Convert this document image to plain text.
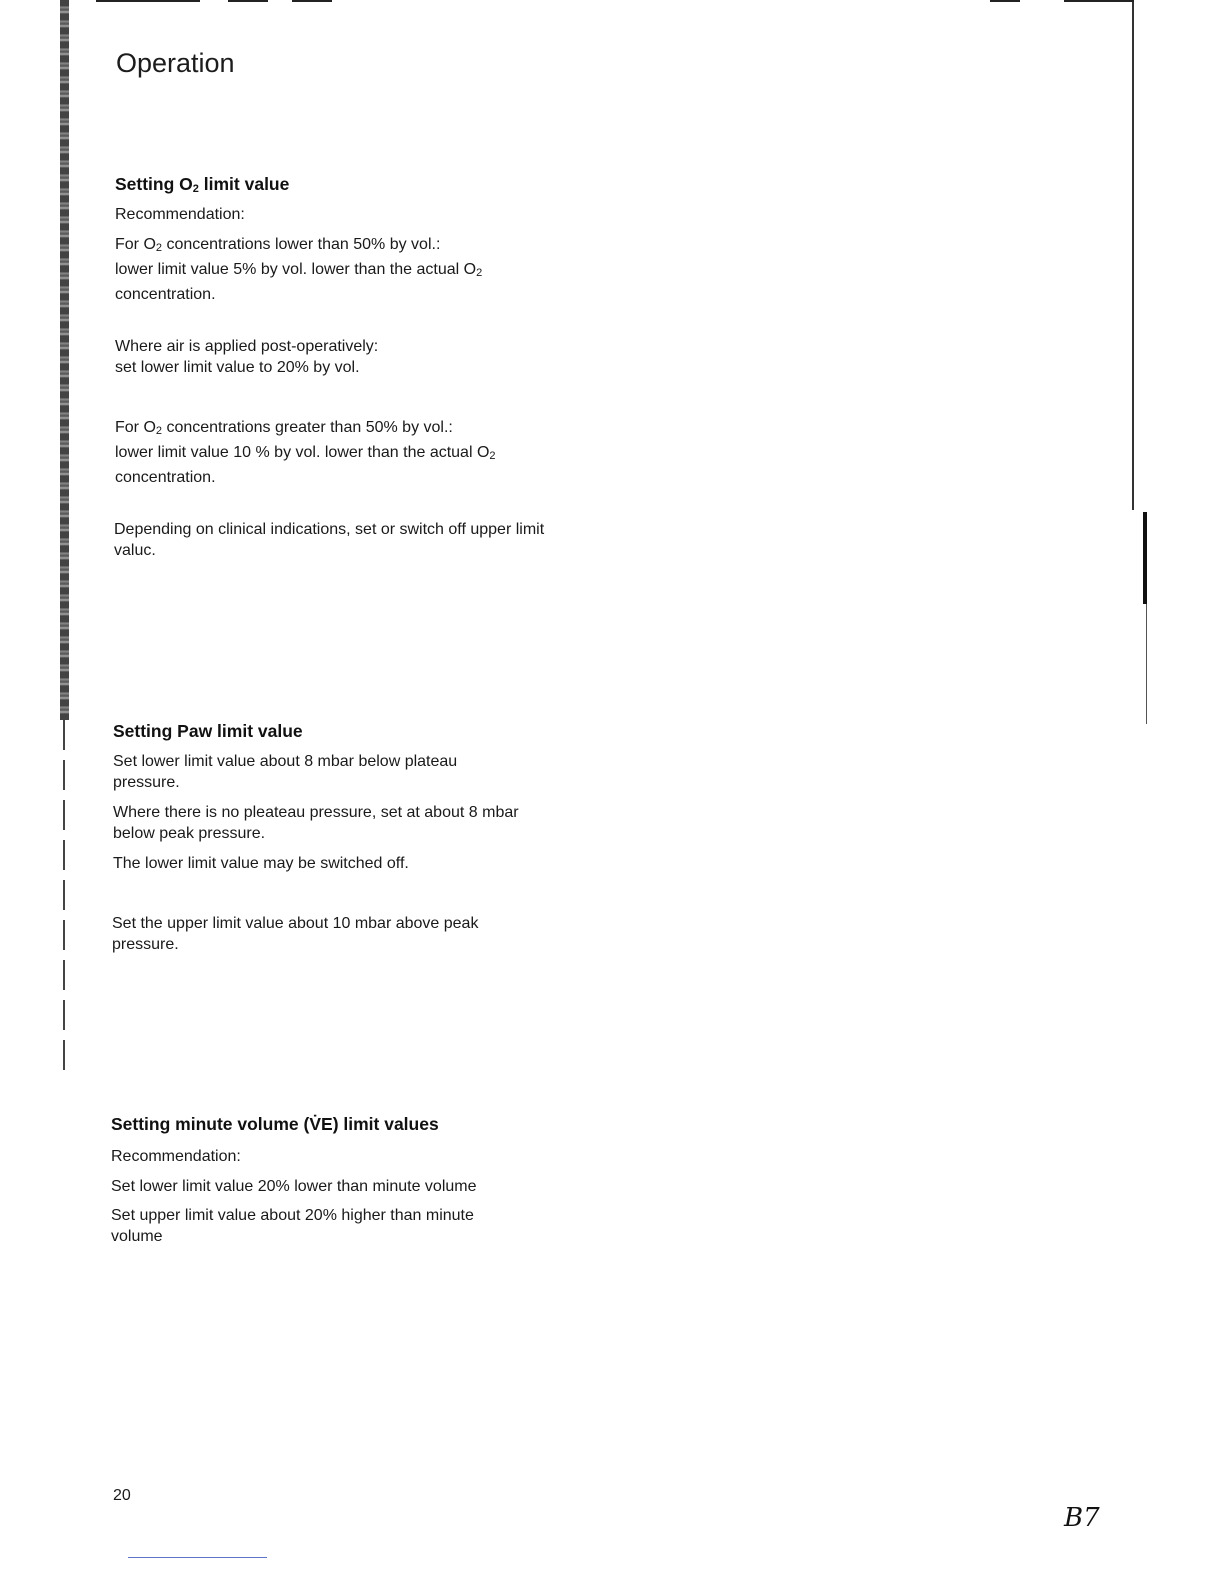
Operation
Setting O2 limit value

Recommendation:

For O2 concentrations lower than 50% by vol.:
lower limit value 5% by vol. lower than the actual O2
concentration.

Where air is applied post-operatively:
set lower limit value to 20% by vol.

For O2 concentrations greater than 50% by vol.:
lower limit value 10 % by vol. lower than the actual O2
concentration.

Depending on clinical indications, set or switch off upper limit valuc.

Setting Paw limit value

Set lower limit value about 8 mbar below plateau pressure.

Where there is no pleateau pressure, set at about 8 mbar below peak pressure.

The lower limit value may be switched off.

Set the upper limit value about 10 mbar above peak pressure.

Setting minute volume (V̇E) limit values

Recommendation:

Set lower limit value 20% lower than minute volume

Set upper limit value about 20% higher than minute volume

20
B7
